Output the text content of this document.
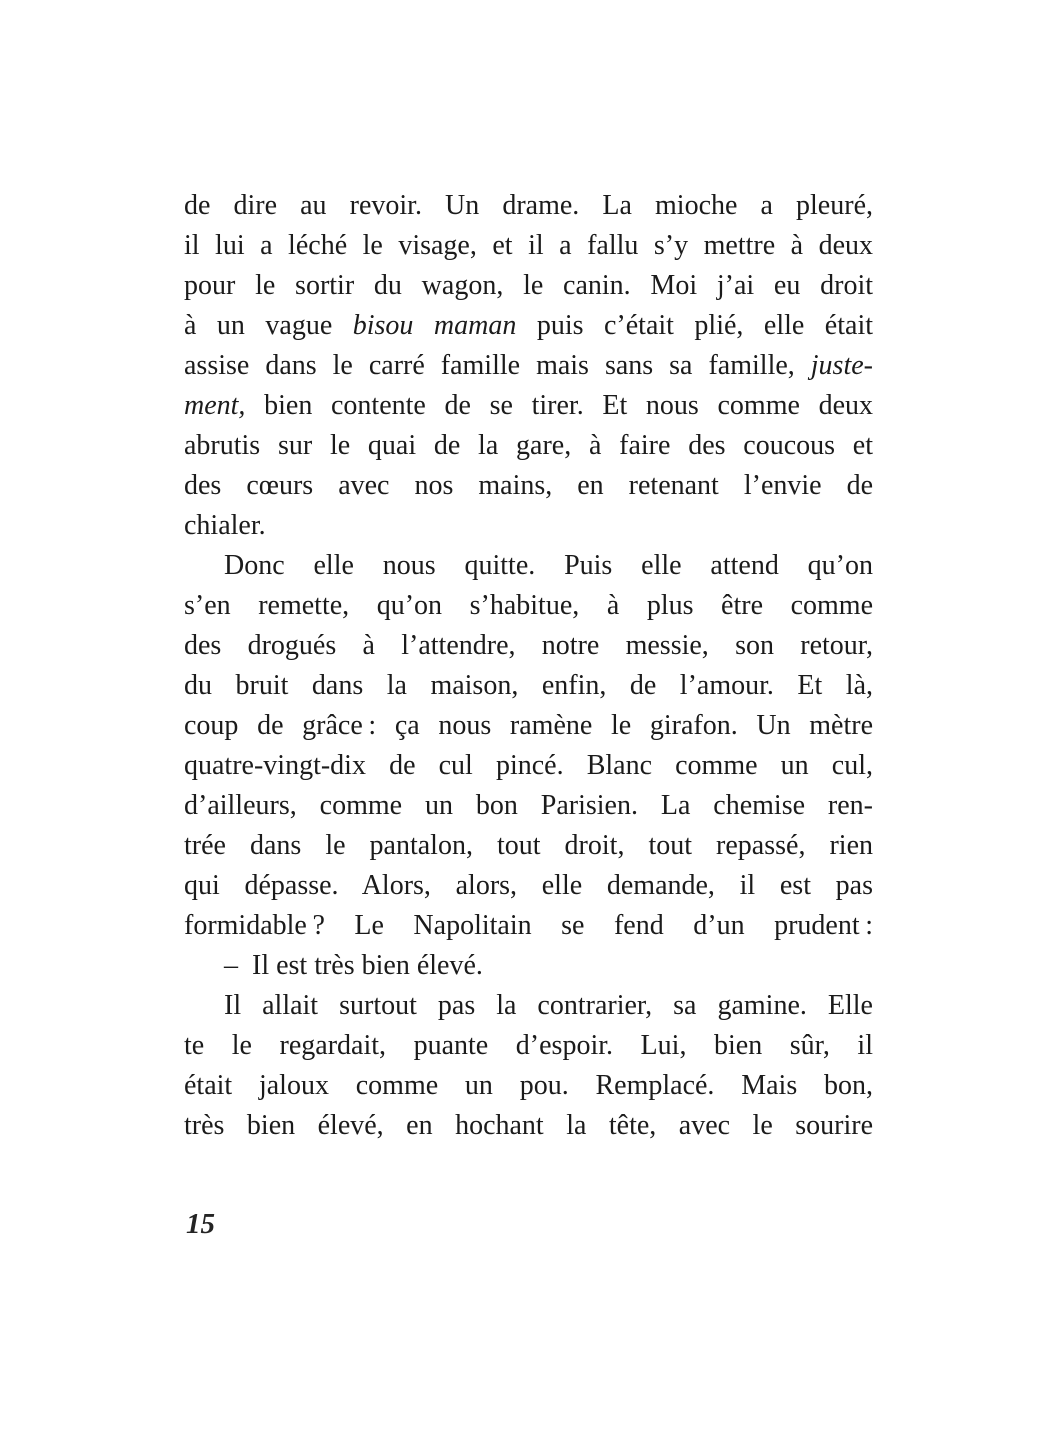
de dire au revoir. Un drame. La mioche a pleuré,
il lui a léché le visage, et il a fallu s’y mettre à deux
pour le sortir du wagon, le canin. Moi j’ai eu droit
à un vague bisou maman puis c’était plié, elle était
assise dans le carré famille mais sans sa famille, juste-
ment, bien contente de se tirer. Et nous comme deux
abrutis sur le quai de la gare, à faire des coucous et
des cœurs avec nos mains, en retenant l’envie de
chialer.
Donc elle nous quitte. Puis elle attend qu’on
s’en remette, qu’on s’habitue, à plus être comme
des drogués à l’attendre, notre messie, son retour,
du bruit dans la maison, enfin, de l’amour. Et là,
coup de grâce : ça nous ramène le girafon. Un mètre
quatre-vingt-dix de cul pincé. Blanc comme un cul,
d’ailleurs, comme un bon Parisien. La chemise ren-
trée dans le pantalon, tout droit, tout repassé, rien
qui dépasse. Alors, alors, elle demande, il est pas
formidable ? Le Napolitain se fend d’un prudent :
–  Il est très bien élevé.
Il allait surtout pas la contrarier, sa gamine. Elle
te le regardait, puante d’espoir. Lui, bien sûr, il
était jaloux comme un pou. Remplacé. Mais bon,
très bien élevé, en hochant la tête, avec le sourire
15
